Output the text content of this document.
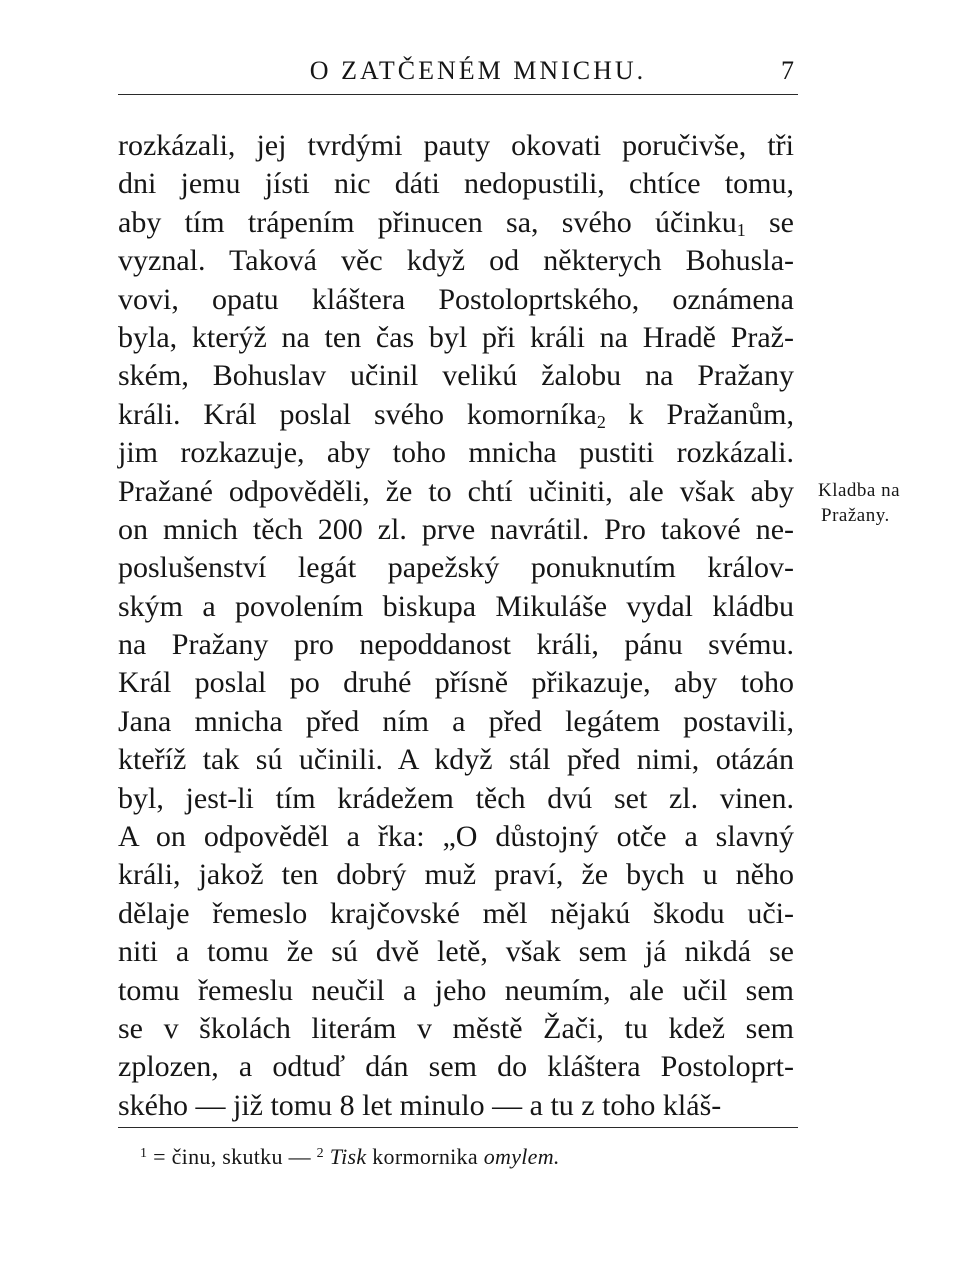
O ZATČENÉM MNICHU.	7
rozkázali, jej tvrdými pauty okovati poručivše, tři
dni jemu jísti nic dáti nedopustili, chtíce tomu,
aby tím trápením přinucen sa, svého účinku$_1$ se
vyznal. Taková věc když od některych Bohusla-
vovi, opatu kláštera Postoloprtského, oznámena
byla, kterýž na ten čas byl při králi na Hradě Praž-
ském, Bohuslav učinil velikú žalobu na Pražany
králi. Král poslal svého komorníka$_2$ k Pražanům,
jim rozkazuje, aby toho mnicha pustiti rozkázali.
Pražané odpověděli, že to chtí učiniti, ale však aby
on mnich těch 200 zl. prve navrátil. Pro takové ne-
poslušenství legát papežský ponuknutím králov-
ským a povolením biskupa Mikuláše vydal kládbu
na Pražany pro nepoddanost králi, pánu svému.
Král poslal po druhé přísně přikazuje, aby toho
Jana mnicha před ním a před legátem postavili,
kteříž tak sú učinili. A když stál před nimi, otázán
byl, jest-li tím krádežem těch dvú set zl. vinen.
A on odpověděl a řka: „O důstojný otče a slavný
králi, jakož ten dobrý muž praví, že bych u něho
dělaje řemeslo krajčovské měl nějakú škodu uči-
niti a tomu že sú dvě letě, však sem já nikdá se
tomu řemeslu neučil a jeho neumím, ale učil sem
se v školách literám v městě Žači, tu kdež sem
zplozen, a odtuď dán sem do kláštera Postoloprt-
ského — již tomu 8 let minulo — a tu z toho kláš-
Kladba na
Pražany.
$^1$ = činu, skutku — $^2$ Tisk kormornika omylem.
